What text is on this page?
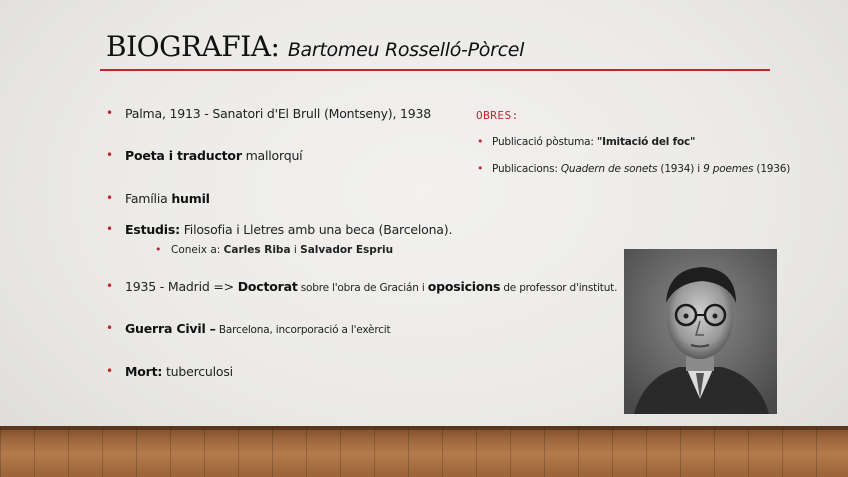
BIOGRAFIA: Bartomeu Rosselló-Pòrcel
• Palma, 1913 - Sanatori d'El Brull (Montseny), 1938
• Poeta i traductor mallorquí
• Família humil
• Estudis: Filosofia i Lletres amb una beca (Barcelona).
• Coneix a: Carles Riba i Salvador Espriu
• 1935 - Madrid => Doctorat sobre l'obra de Gracián i oposicions de professor d'institut.
• Guerra Civil – Barcelona, incorporació a l'exèrcit
• Mort: tuberculosi
OBRES:
• Publicació pòstuma: "Imitació del foc"
• Publicacions: Quadern de sonets (1934) i 9 poemes (1936)
